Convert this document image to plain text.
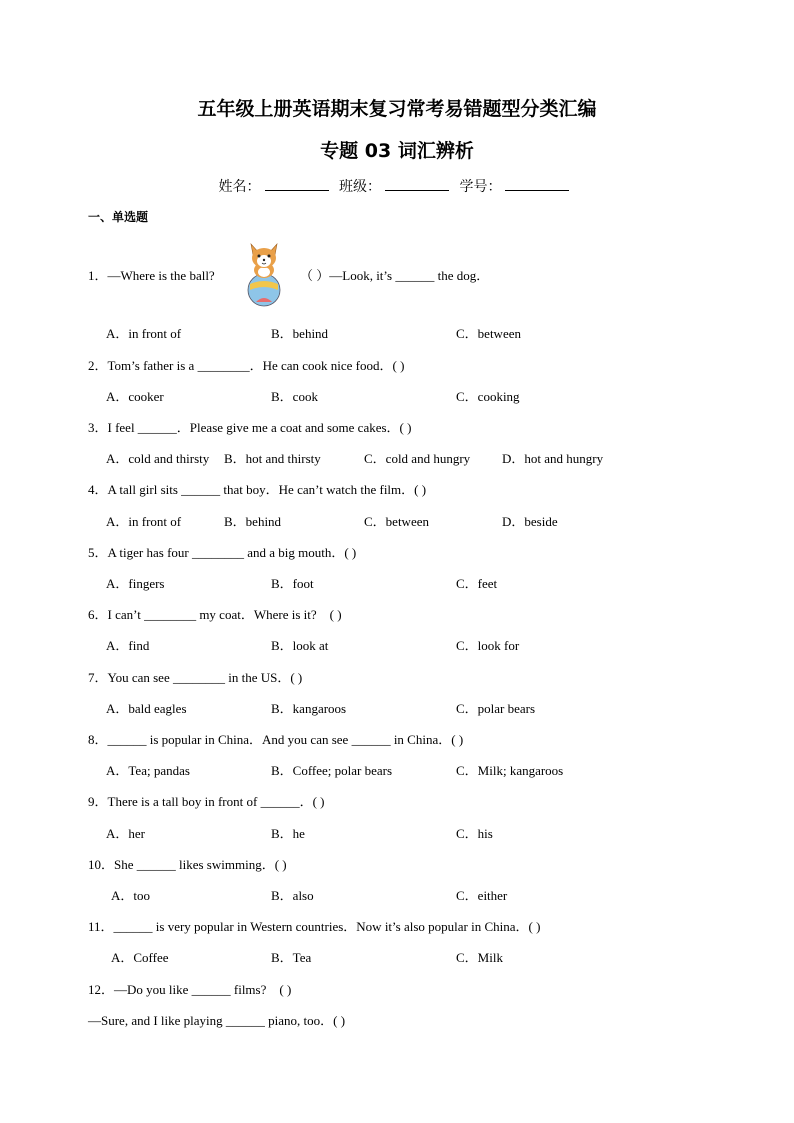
五年级上册英语期末复习常考易错题型分类汇编
专题 03 词汇辨析
姓名：	班级：	学号：
一、单选题
1．—Where is the ball?	（ ）—Look, it’s ______ the dog．
A．in front of	B．behind	C．between
2．Tom’s father is a ________．He can cook nice food．( )
A．cooker	B．cook	C．cooking
3．I feel ______．Please give me a coat and some cakes．( )
A．cold and thirsty B．hot and thirsty	C．cold and hungry D．hot and hungry
4．A tall girl sits ______ that boy．He can’t watch the film．( )
A．in front of	B．behind	C．between	D．beside
5．A tiger has four ________ and a big mouth．( )
A．fingers	B．foot	C．feet
6．I can’t ________ my coat．Where is it?　( )
A．find	B．look at	C．look for
7．You can see ________ in the US．( )
A．bald eagles	B．kangaroos	C．polar bears
8．______ is popular in China．And you can see ______ in China．( )
A．Tea; pandas	B．Coffee; polar bears	C．Milk; kangaroos
9．There is a tall boy in front of ______．( )
A．her	B．he	C．his
10．She ______ likes swimming．( )
A．too	B．also	C．either
11．______ is very popular in Western countries．Now it’s also popular in China．( )
A．Coffee	B．Tea	C．Milk
12．—Do you like ______ films?　( )
—Sure, and I like playing ______ piano, too．( )
